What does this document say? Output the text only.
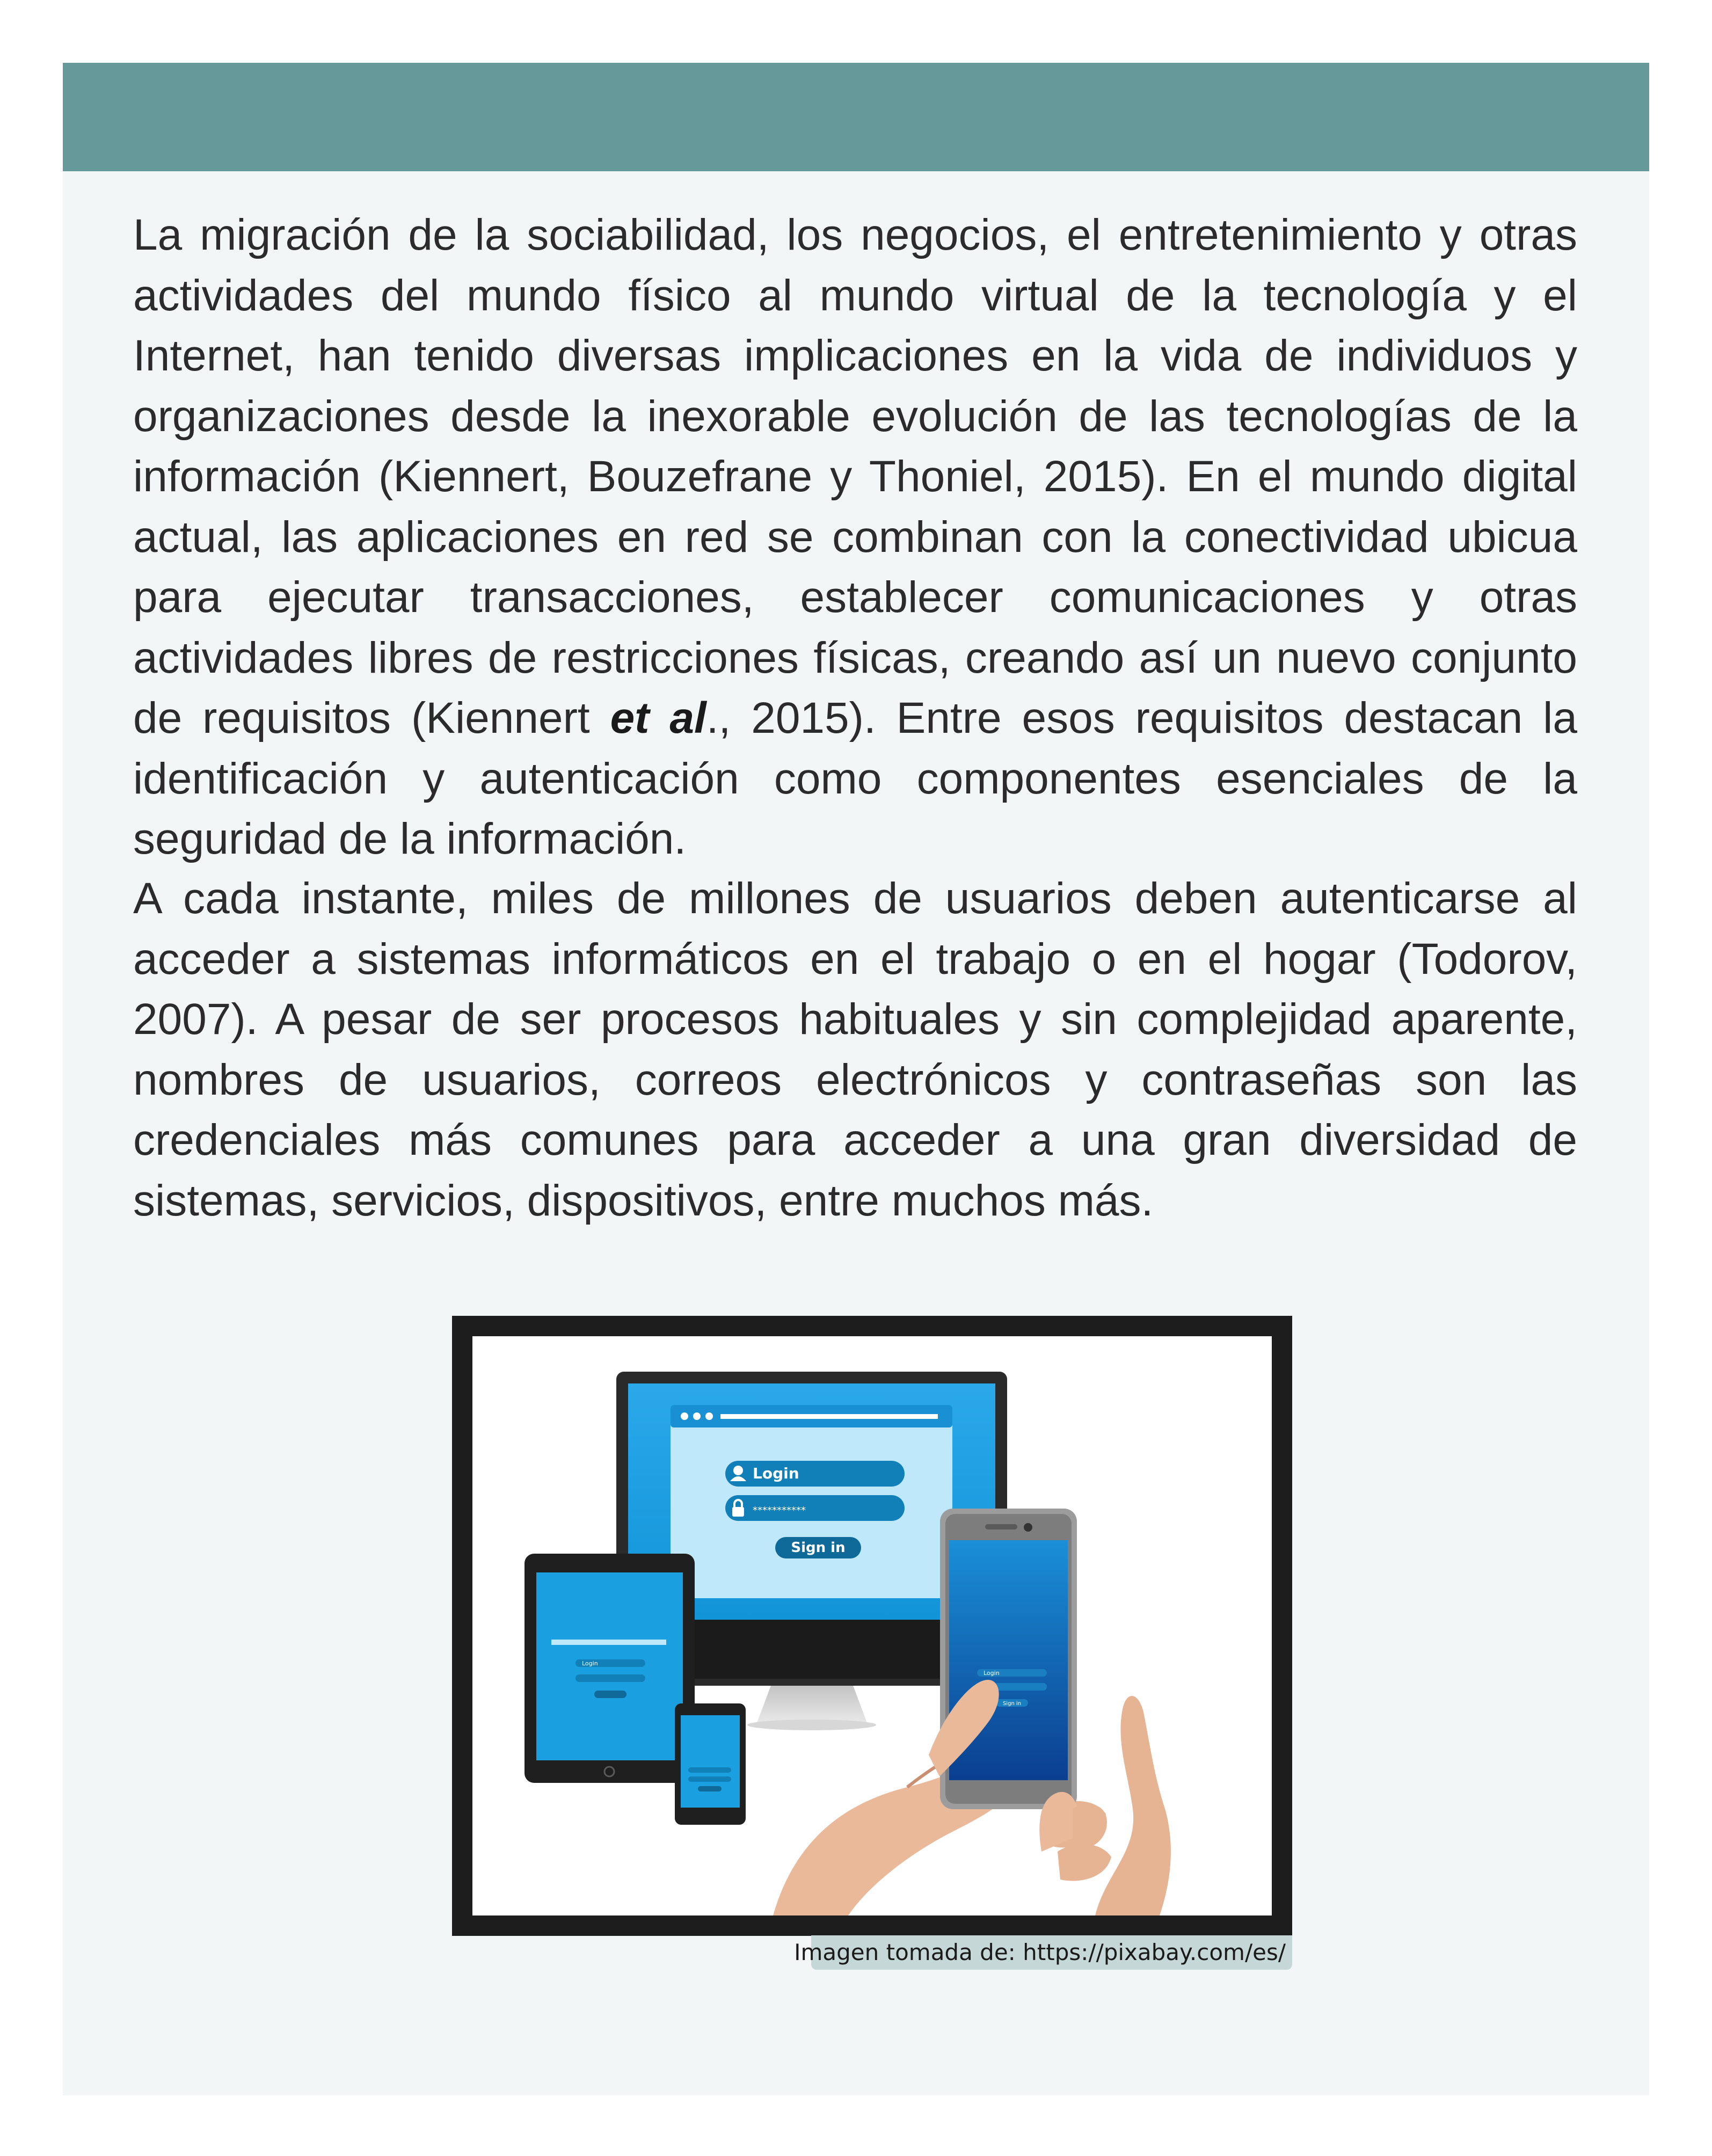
La migración de la sociabilidad, los negocios, el entretenimiento y otras actividades del mundo físico al mundo virtual de la tecnología y el Internet, han tenido diversas implicaciones en la vida de individuos y organizaciones desde la inexorable evolución de las tecnologías de la información (Kiennert, Bouzefrane y Thoniel, 2015). En el mundo digital actual, las aplicaciones en red se combinan con la conectividad ubicua para ejecutar transacciones, establecer comunicaciones y otras actividades libres de restricciones físicas, creando así un nuevo conjunto de requisitos (Kiennert et al., 2015). Entre esos requisitos destacan la identificación y autenticación como componentes esenciales de la seguridad de la información.

A cada instante, miles de millones de usuarios deben autenticarse al acceder a sistemas informáticos en el trabajo o en el hogar (Todorov, 2007). A pesar de ser procesos habituales y sin complejidad aparente, nombres de usuarios, correos electrónicos y contraseñas son las credenciales más comunes para acceder a una gran diversidad de sistemas, servicios, dispositivos, entre muchos más.

Login
***********
Sign in
Login
Login
Sign in
Imagen tomada de: https://pixabay.com/es/
